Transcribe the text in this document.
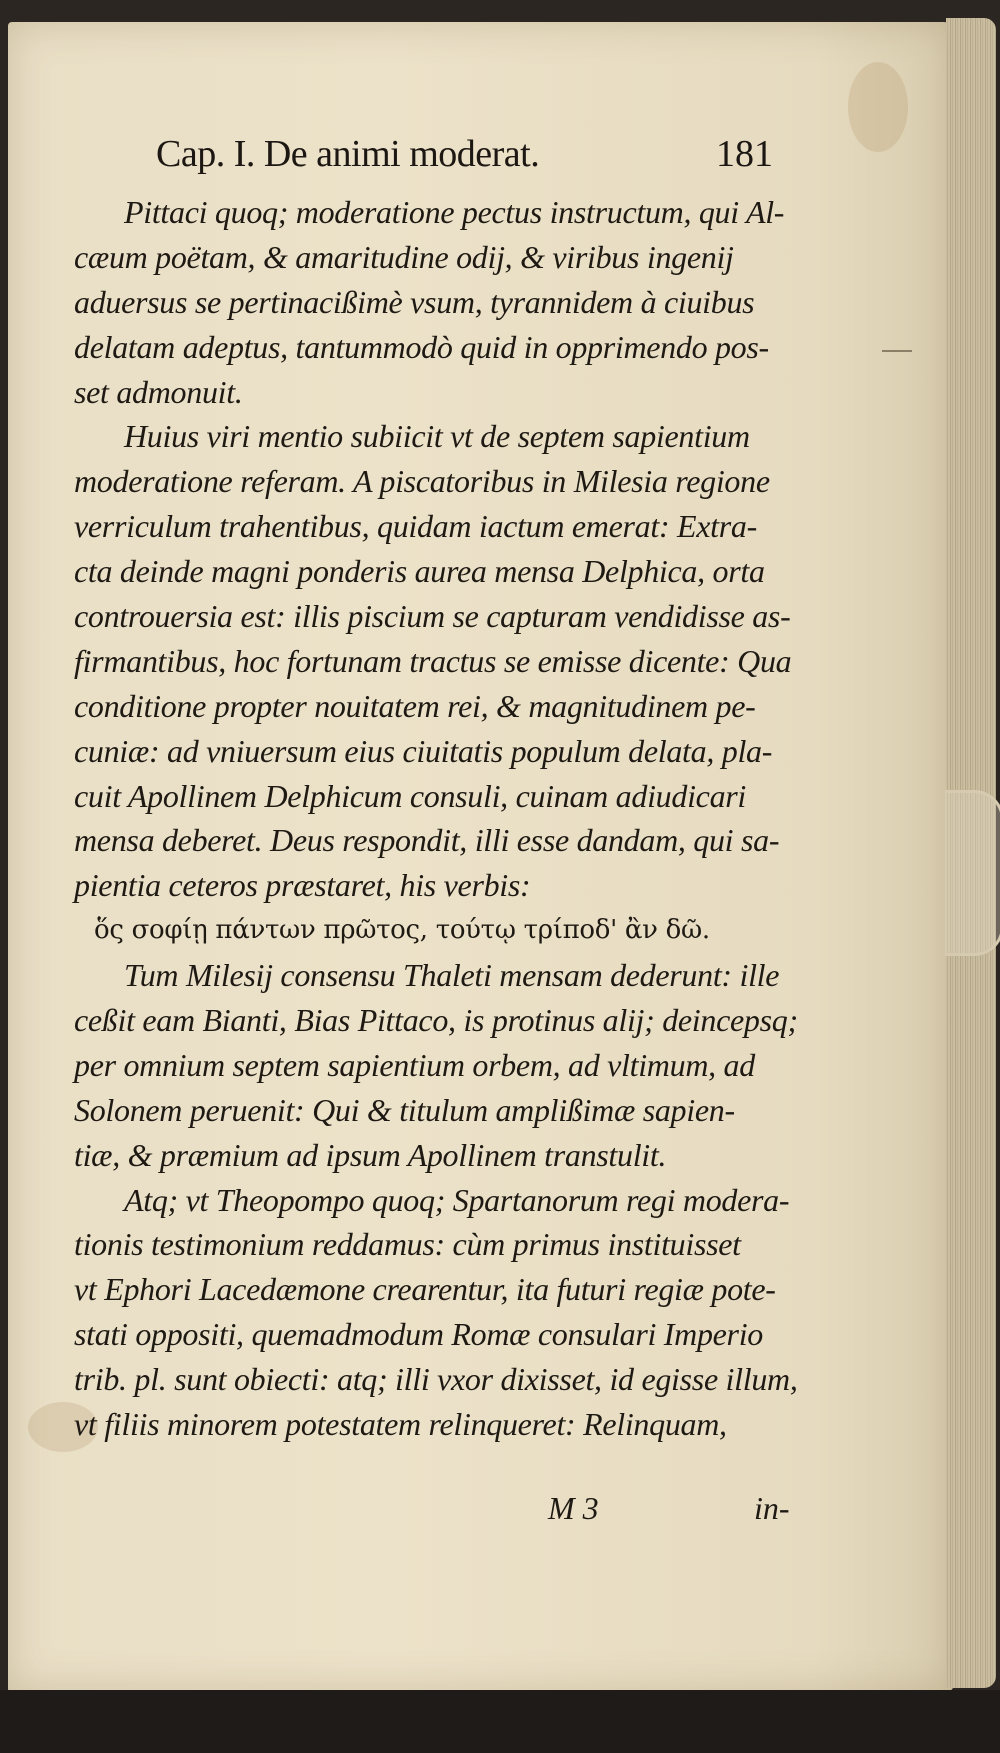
Cap. I. De animi moderat.	181
Pittaci quoq; moderatione pectus instructum, qui Al-
cæum poëtam, & amaritudine odij, & viribus ingenij
aduersus se pertinacißimè vsum, tyrannidem à ciuibus
delatam adeptus, tantummodò quid in opprimendo pos-
set admonuit.
Huius viri mentio subiicit vt de septem sapientium
moderatione referam. A piscatoribus in Milesia regione
verriculum trahentibus, quidam iactum emerat: Extra-
cta deinde magni ponderis aurea mensa Delphica, orta
controuersia est: illis piscium se capturam vendidisse as-
firmantibus, hoc fortunam tractus se emisse dicente: Qua
conditione propter nouitatem rei, & magnitudinem pe-
cuniæ: ad vniuersum eius ciuitatis populum delata, pla-
cuit Apollinem Delphicum consuli, cuinam adiudicari
mensa deberet. Deus respondit, illi esse dandam, qui sa-
pientia ceteros præstaret, his verbis:
ὅς σοφίῃ πάντων πρῶτος, τούτῳ τρίποδ' ἂν δῶ.
Tum Milesij consensu Thaleti mensam dederunt: ille
ceßit eam Bianti, Bias Pittaco, is protinus alij; deincepsq;
per omnium septem sapientium orbem, ad vltimum, ad
Solonem peruenit: Qui & titulum amplißimæ sapien-
tiæ, & præmium ad ipsum Apollinem transtulit.
Atq; vt Theopompo quoq; Spartanorum regi modera-
tionis testimonium reddamus: cùm primus instituisset
vt Ephori Lacedæmone crearentur, ita futuri regiæ pote-
stati oppositi, quemadmodum Romæ consulari Imperio
trib. pl. sunt obiecti: atq; illi vxor dixisset, id egisse illum,
vt filiis minorem potestatem relinqueret: Relinquam,
M 3	in-
